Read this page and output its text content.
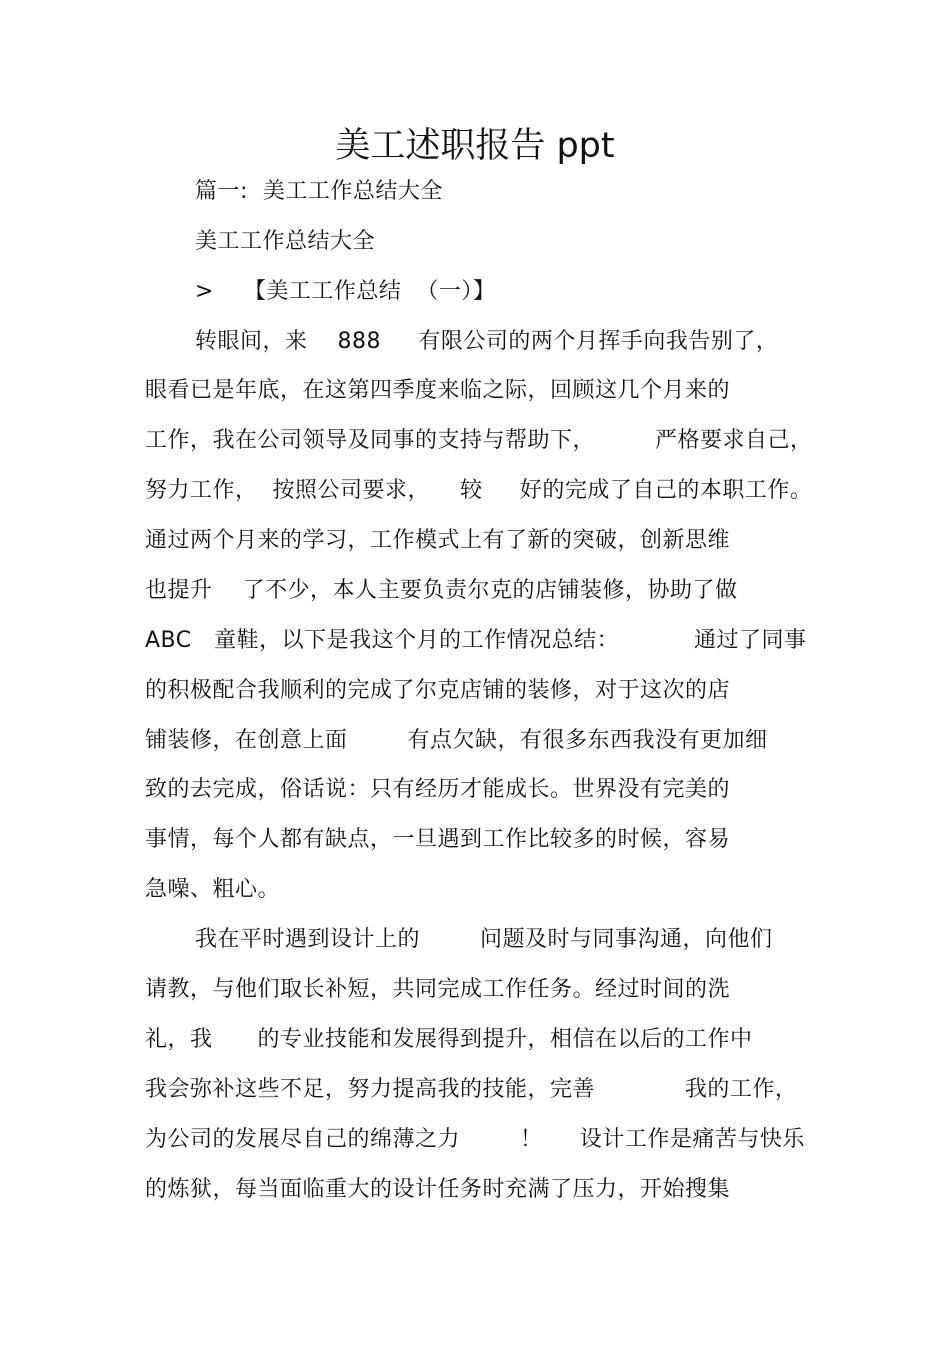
美工述职报告 ppt
篇一:  美工工作总结大全
美工工作总结大全
>    【美工工作总结  （一）】
转眼间，来    888     有限公司的两个月挥手向我告别了，
眼看已是年底，在这第四季度来临之际，回顾这几个月来的
工作，我在公司领导及同事的支持与帮助下，        严格要求自己，
努力工作，  按照公司要求，    较     好的完成了自己的本职工作。
通过两个月来的学习，工作模式上有了新的突破，创新思维
也提升    了不少，本人主要负责尔克的店铺装修，协助了做
ABC   童鞋，以下是我这个月的工作情况总结：          通过了同事
的积极配合我顺利的完成了尔克店铺的装修，对于这次的店
铺装修，在创意上面        有点欠缺，有很多东西我没有更加细
致的去完成，俗话说：只有经历才能成长。世界没有完美的
事情，每个人都有缺点，一旦遇到工作比较多的时候，容易
急噪、粗心。
我在平时遇到设计上的        问题及时与同事沟通，向他们
请教，与他们取长补短，共同完成工作任务。经过时间的洗
礼，我      的专业技能和发展得到提升，相信在以后的工作中
我会弥补这些不足，努力提高我的技能，完善            我的工作，
为公司的发展尽自己的绵薄之力        ！     设计工作是痛苦与快乐
的炼狱，每当面临重大的设计任务时充满了压力，开始搜集
